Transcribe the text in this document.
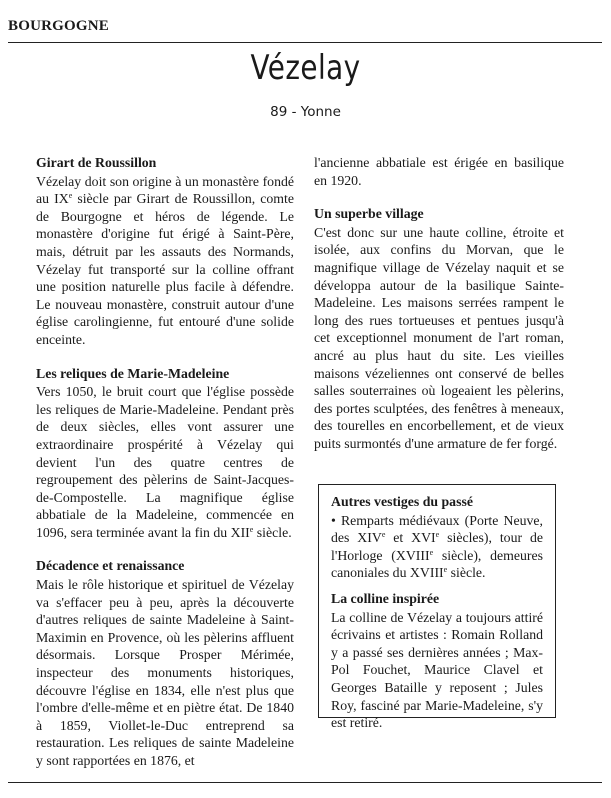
BOURGOGNE
Vézelay
89 - Yonne
Girart de Roussillon

Vézelay doit son origine à un monastère fondé au IXe siècle par Girart de Roussillon, comte de Bourgogne et héros de légende. Le monastère d'origine fut érigé à Saint-Père, mais, détruit par les assauts des Normands, Vézelay fut transporté sur la colline offrant une position naturelle plus facile à défendre. Le nouveau monastère, construit autour d'une église carolingienne, fut entouré d'une solide enceinte.

Les reliques de Marie-Madeleine

Vers 1050, le bruit court que l'église possède les reliques de Marie-Madeleine. Pendant près de deux siècles, elles vont assurer une extraordinaire prospérité à Vézelay qui devient l'un des quatre centres de regroupement des pèlerins de Saint-Jacques-de-Compostelle. La magnifique église abbatiale de la Madeleine, commencée en 1096, sera terminée avant la fin du XIIe siècle.

Décadence et renaissance

Mais le rôle historique et spirituel de Vézelay va s'effacer peu à peu, après la découverte d'autres reliques de sainte Madeleine à Saint-Maximin en Provence, où les pèlerins affluent désormais. Lorsque Prosper Mérimée, inspecteur des monuments historiques, découvre l'église en 1834, elle n'est plus que l'ombre d'elle-même et en piètre état. De 1840 à 1859, Viollet-le-Duc entreprend sa restauration. Les reliques de sainte Madeleine y sont rapportées en 1876, et

l'ancienne abbatiale est érigée en basilique en 1920.

Un superbe village

C'est donc sur une haute colline, étroite et isolée, aux confins du Morvan, que le magnifique village de Vézelay naquit et se développa autour de la basilique Sainte-Madeleine. Les maisons serrées rampent le long des rues tortueuses et pentues jusqu'à cet exceptionnel monument de l'art roman, ancré au plus haut du site. Les vieilles maisons vézeliennes ont conservé de belles salles souterraines où logeaient les pèlerins, des portes sculptées, des fenêtres à meneaux, des tourelles en encorbellement, et de vieux puits surmontés d'une armature de fer forgé.

Autres vestiges du passé

• Remparts médiévaux (Porte Neuve, des XIVe et XVIe siècles), tour de l'Horloge (XVIIIe siècle), demeures canoniales du XVIIIe siècle.

La colline inspirée

La colline de Vézelay a toujours attiré écrivains et artistes : Romain Rolland y a passé ses dernières années ; Max-Pol Fouchet, Maurice Clavel et Georges Bataille y reposent ; Jules Roy, fasciné par Marie-Madeleine, s'y est retiré.
